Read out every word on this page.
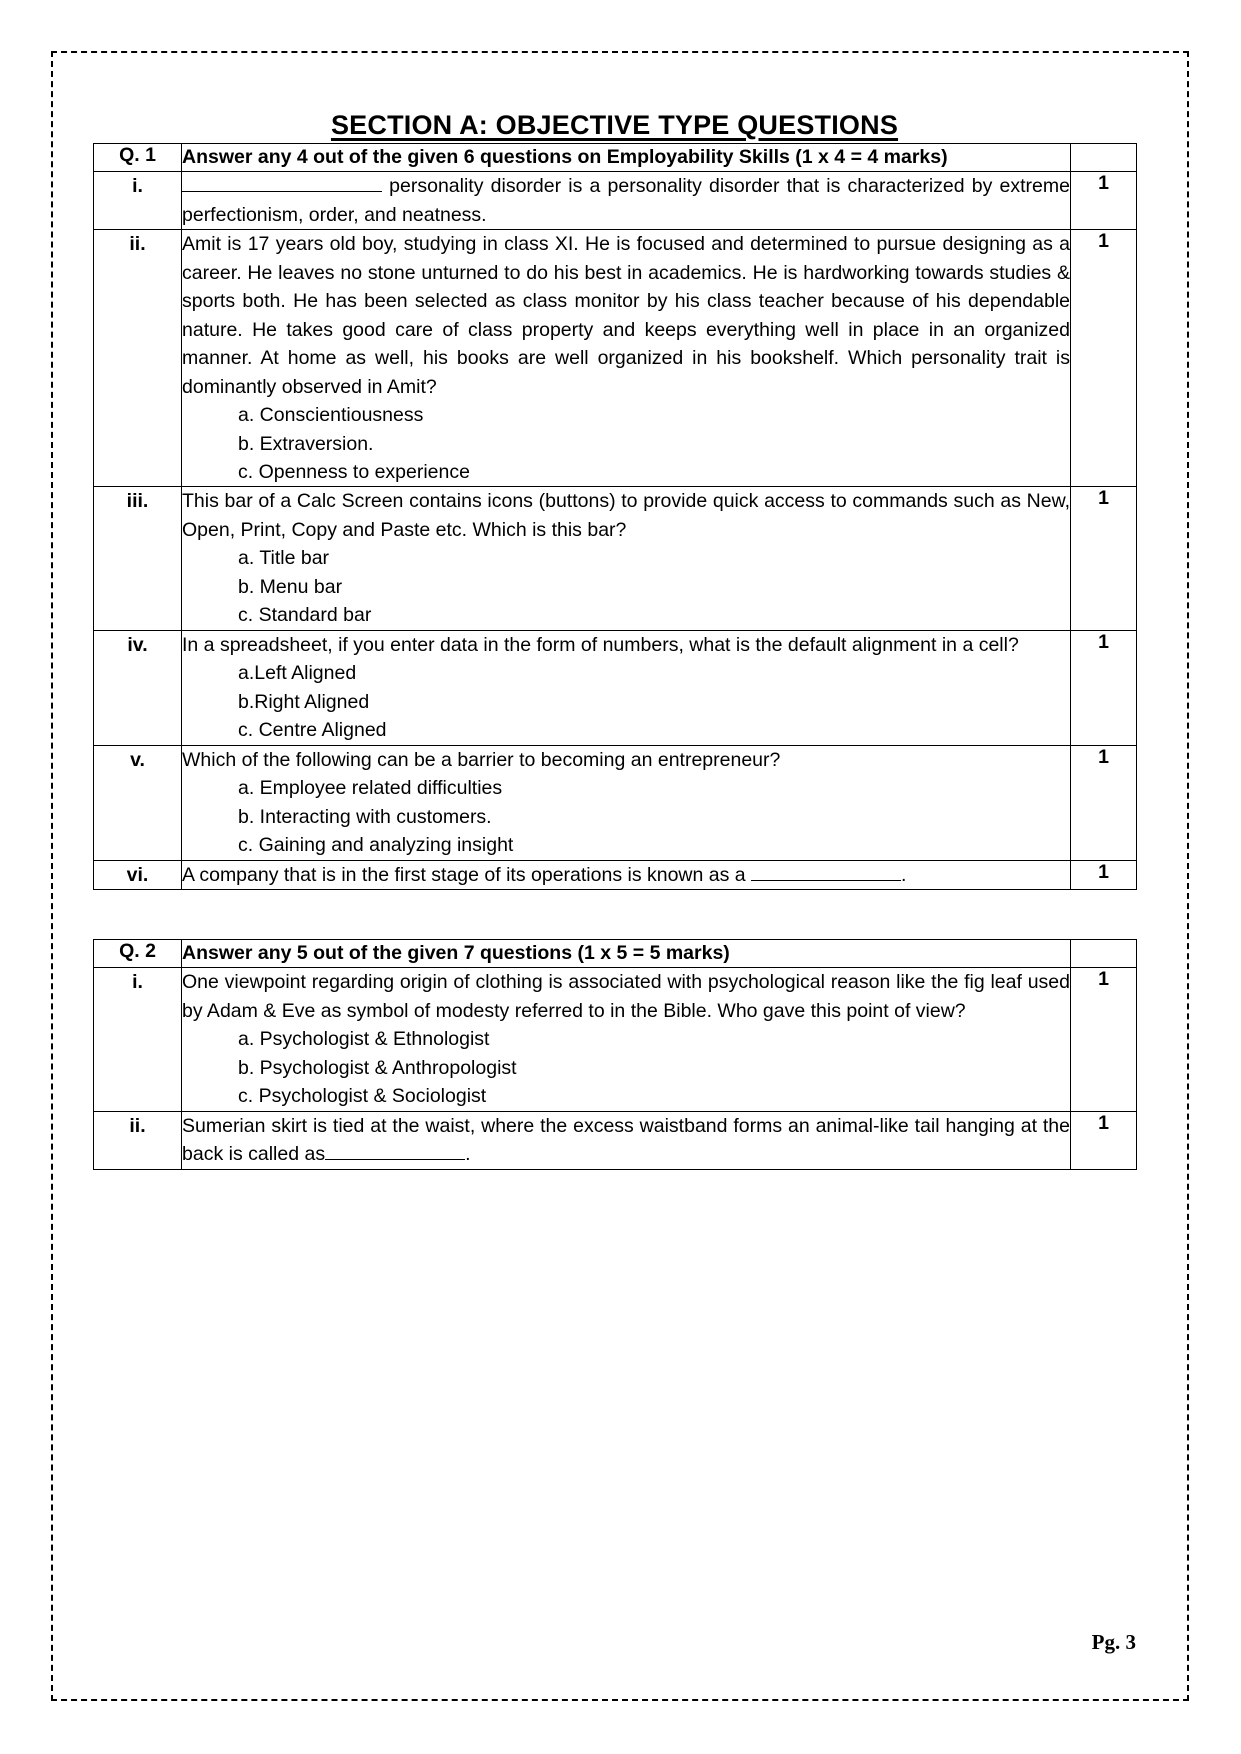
SECTION A: OBJECTIVE TYPE QUESTIONS
Q. 1	Answer any 4 out of the given 6 questions on Employability Skills (1 x 4 = 4 marks)	
i.	personality disorder is a personality disorder that is characterized by extreme perfectionism, order, and neatness.	1
ii.	Amit is 17 years old boy, studying in class XI. He is focused and determined to pursue designing as a career. He leaves no stone unturned to do his best in academics. He is hardworking towards studies & sports both. He has been selected as class monitor by his class teacher because of his dependable nature. He takes good care of class property and keeps everything well in place in an organized manner. At home as well, his books are well organized in his bookshelf. Which personality trait is dominantly observed in Amit?

a. Conscientiousness
b. Extraversion.
c. Openness to experience
	1
iii.	This bar of a Calc Screen contains icons (buttons) to provide quick access to commands such as New, Open, Print, Copy and Paste etc. Which is this bar?

a. Title bar
b. Menu bar
c. Standard bar
	1
iv.	In a spreadsheet, if you enter data in the form of numbers, what is the default alignment in a cell?

a.Left Aligned
b.Right Aligned
c. Centre Aligned
	1
v.	Which of the following can be a barrier to becoming an entrepreneur?

a. Employee related difficulties
b. Interacting with customers.
c. Gaining and analyzing insight
	1
vi.	A company that is in the first stage of its operations is known as a .	1
Q. 2	Answer any 5 out of the given 7 questions (1 x 5 = 5 marks)	
i.	One viewpoint regarding origin of clothing is associated with psychological reason like the fig leaf used by Adam & Eve as symbol of modesty referred to in the Bible. Who gave this point of view?

a. Psychologist & Ethnologist
b. Psychologist & Anthropologist
c. Psychologist & Sociologist
	1
ii.	Sumerian skirt is tied at the waist, where the excess waistband forms an animal-like tail hanging at the back is called as .	1
Pg. 3
